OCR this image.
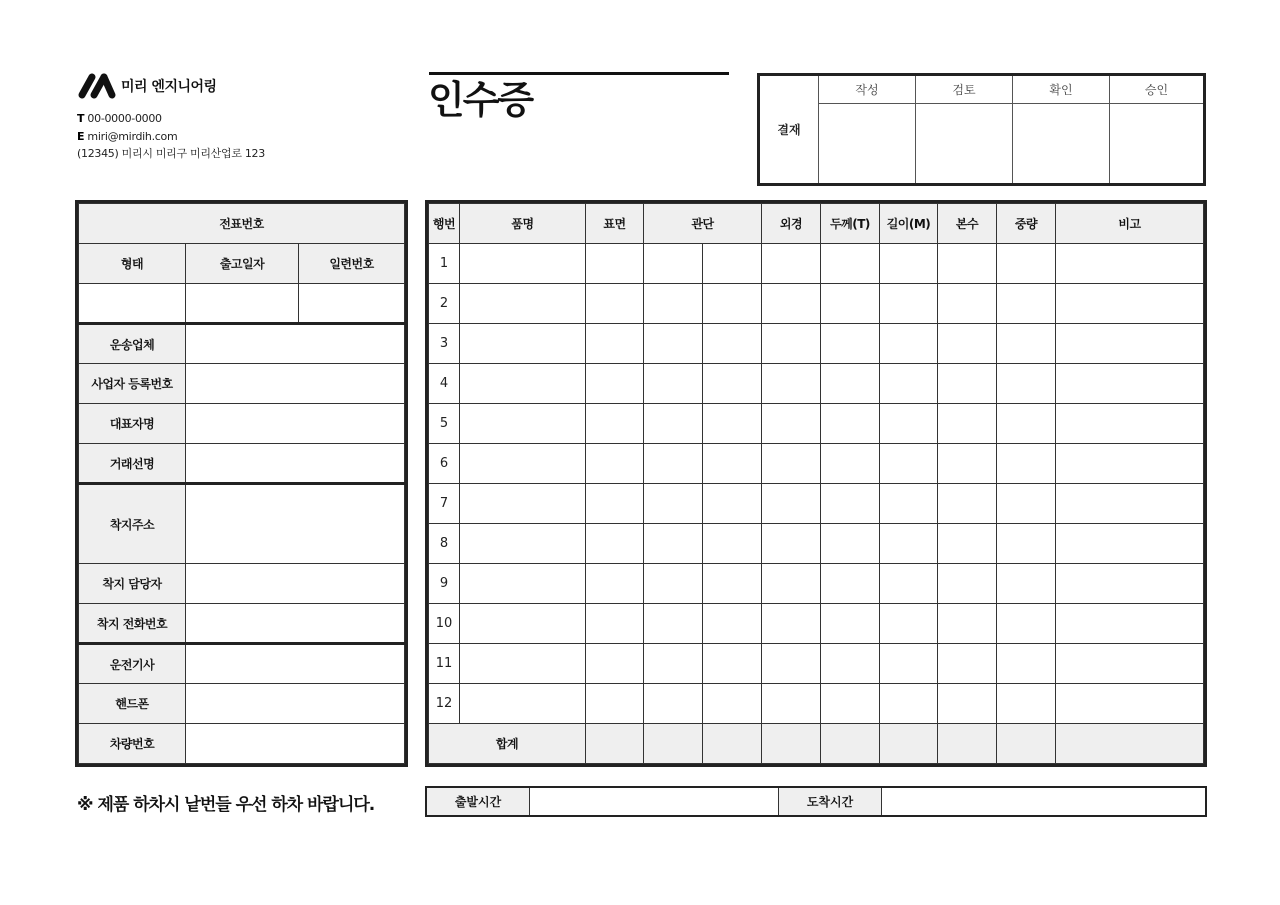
미리 엔지니어링
T 00-0000-0000
E miri@mirdih.com
(12345) 미리시 미리구 미리산업로 123
인수증
결재
작성	검토	확인	승인
전표번호		
형태	출고일자	일련번호

운송업체		
사업자 등록번호		
대표자명		
거래선명		
착지주소		
착지 담당자		
착지 전화번호		
운전기사		
핸드폰		
차량번호		
행번	품명	표면	관단		외경	두께(T)	길이(M)	본수	중량	비고
1										
2										
3										
4										
5										
6										
7										
8										
9										
10										
11										
12										
합계										
※ 제품 하차시 낱번들 우선 하차 바랍니다.	출발시간	도착시간
